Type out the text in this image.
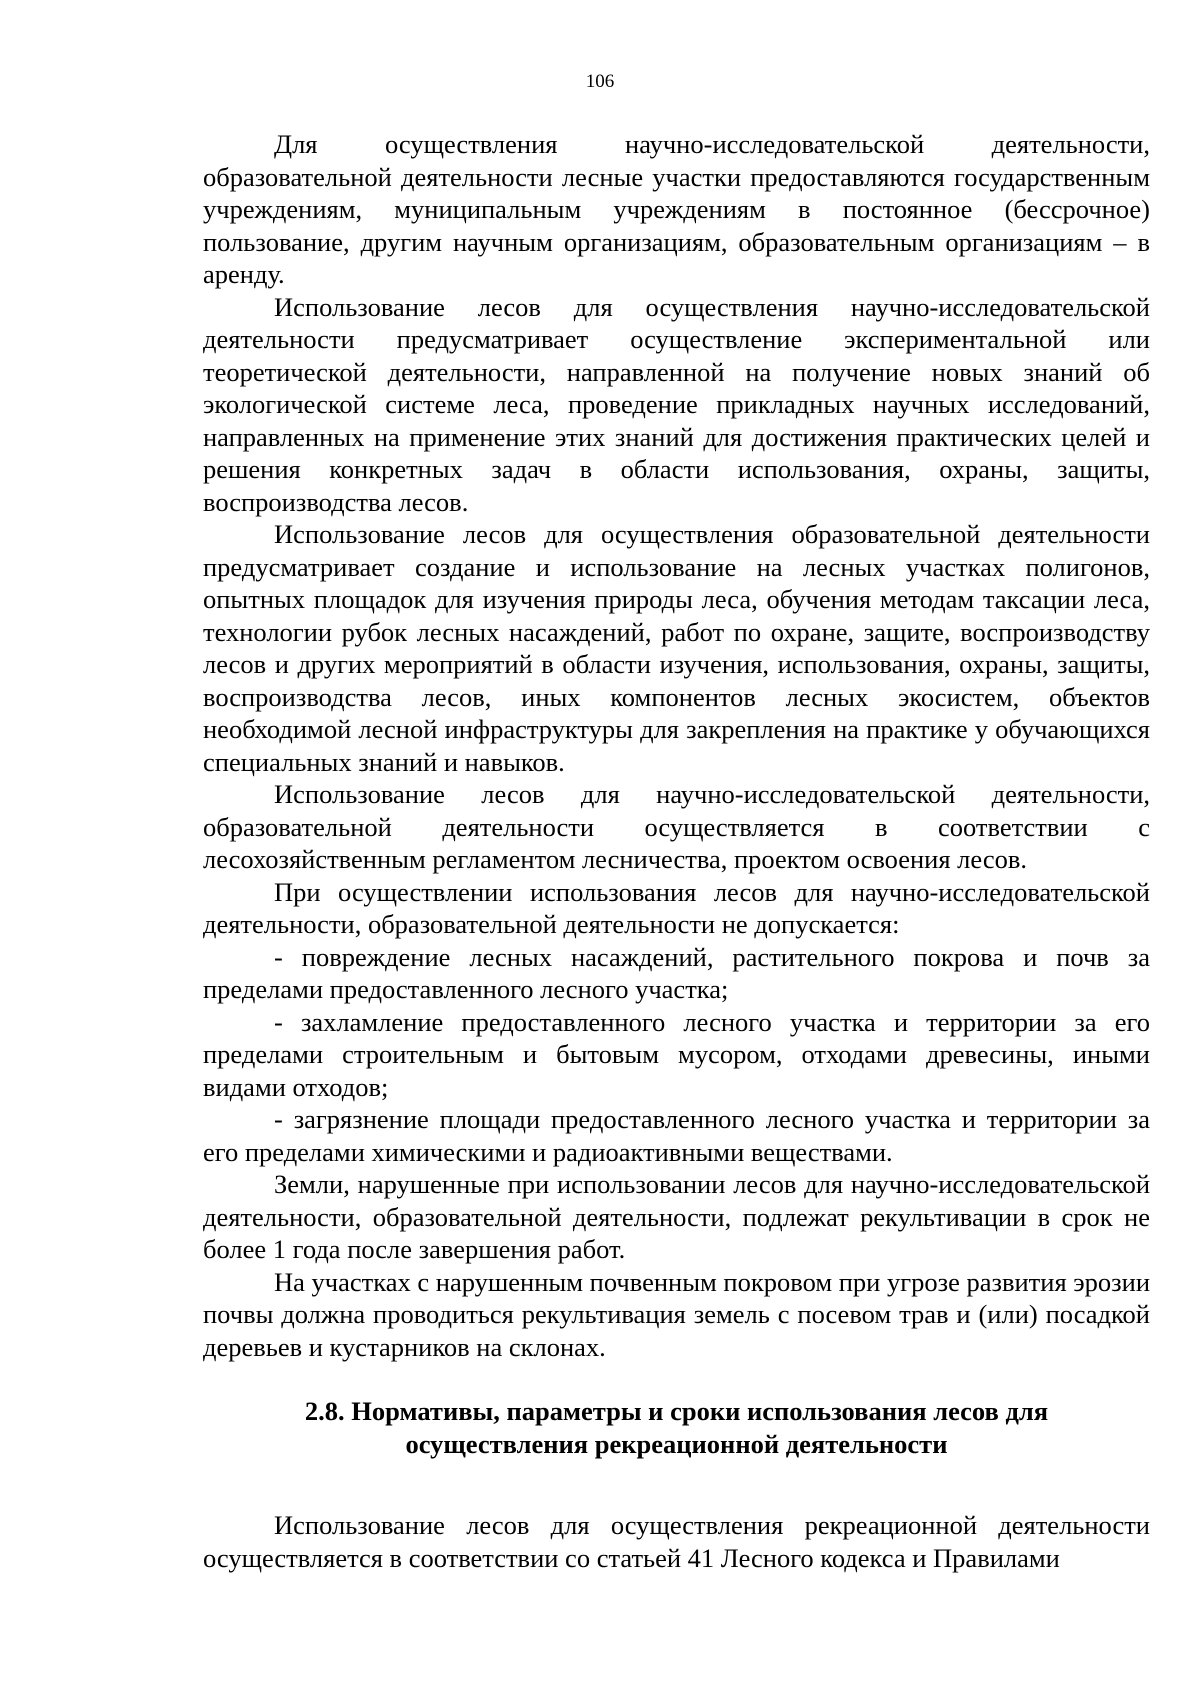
106

Для осуществления научно-исследовательской деятельности, образовательной деятельности лесные участки предоставляются государственным учреждениям, муниципальным учреждениям в постоянное (бессрочное) пользование, другим научным организациям, образовательным организациям – в аренду.

Использование лесов для осуществления научно-исследовательской деятельности предусматривает осуществление экспериментальной или теоретической деятельности, направленной на получение новых знаний об экологической системе леса, проведение прикладных научных исследований, направленных на применение этих знаний для достижения практических целей и решения конкретных задач в области использования, охраны, защиты, воспроизводства лесов.

Использование лесов для осуществления образовательной деятельности предусматривает создание и использование на лесных участках полигонов, опытных площадок для изучения природы леса, обучения методам таксации леса, технологии рубок лесных насаждений, работ по охране, защите, воспроизводству лесов и других мероприятий в области изучения, использования, охраны, защиты, воспроизводства лесов, иных компонентов лесных экосистем, объектов необходимой лесной инфраструктуры для закрепления на практике у обучающихся специальных знаний и навыков.

Использование лесов для научно-исследовательской деятельности, образовательной деятельности осуществляется в соответствии с лесохозяйственным регламентом лесничества, проектом освоения лесов.

При осуществлении использования лесов для научно-исследовательской деятельности, образовательной деятельности не допускается:

- повреждение лесных насаждений, растительного покрова и почв за пределами предоставленного лесного участка;

- захламление предоставленного лесного участка и территории за его пределами строительным и бытовым мусором, отходами древесины, иными видами отходов;

- загрязнение площади предоставленного лесного участка и территории за его пределами химическими и радиоактивными веществами.

Земли, нарушенные при использовании лесов для научно-исследовательской деятельности, образовательной деятельности, подлежат рекультивации в срок не более 1 года после завершения работ.

На участках с нарушенным почвенным покровом при угрозе развития эрозии почвы должна проводиться рекультивация земель с посевом трав и (или) посадкой деревьев и кустарников на склонах.

2.8. Нормативы, параметры и сроки использования лесов для
осуществления рекреационной деятельности

Использование лесов для осуществления рекреационной деятельности осуществляется в соответствии со статьей 41 Лесного кодекса и Правилами
